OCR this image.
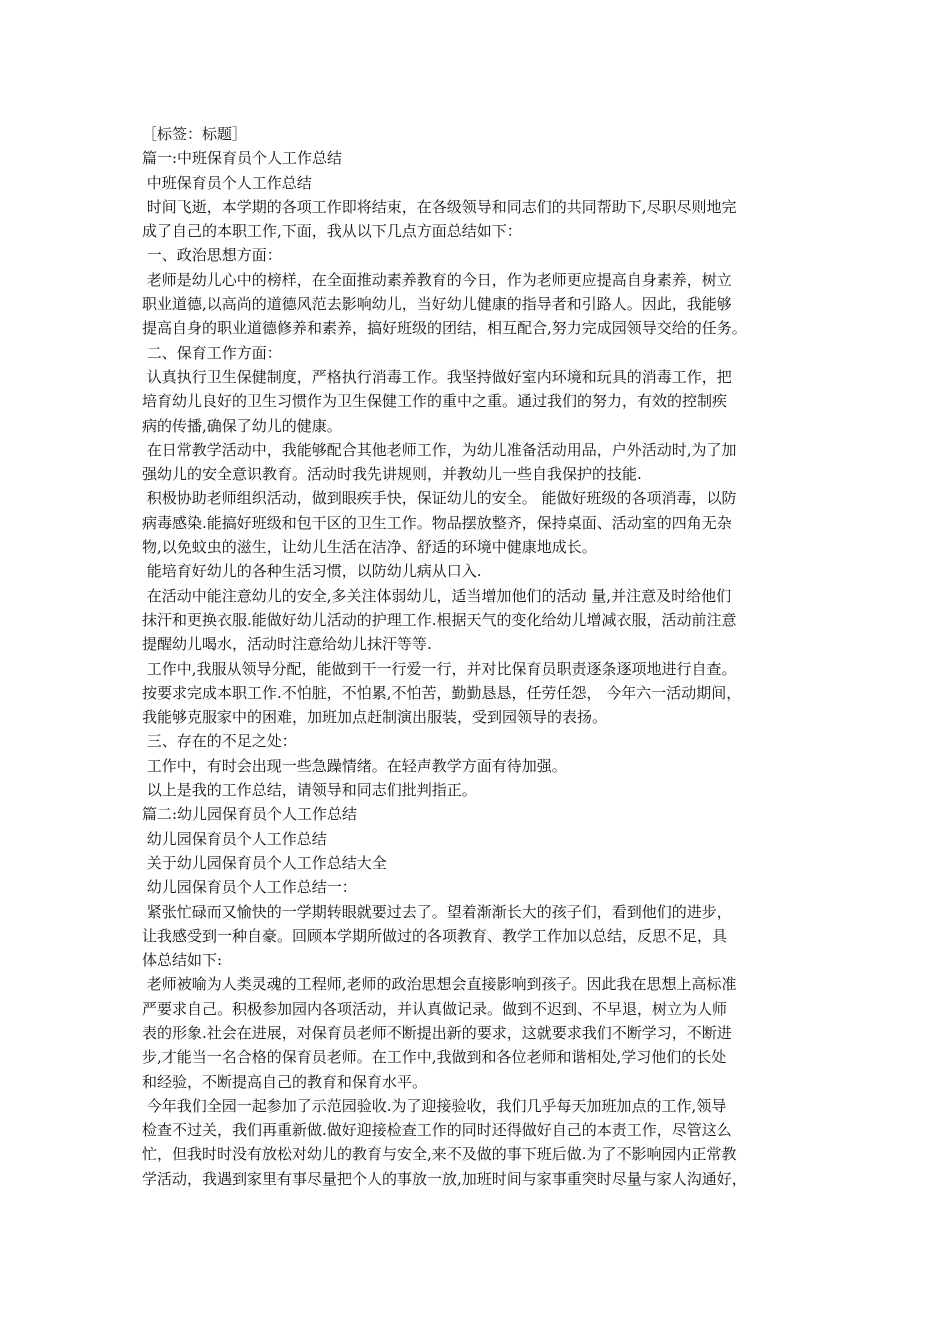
［标签：标题］
篇一:中班保育员个人工作总结
中班保育员个人工作总结
时间飞逝，本学期的各项工作即将结束，在各级领导和同志们的共同帮助下,尽职尽则地完
成了自己的本职工作,下面，我从以下几点方面总结如下：
一、政治思想方面：
老师是幼儿心中的榜样，在全面推动素养教育的今日，作为老师更应提高自身素养，树立
职业道德,以高尚的道德风范去影响幼儿，当好幼儿健康的指导者和引路人。因此，我能够
提高自身的职业道德修养和素养，搞好班级的团结，相互配合,努力完成园领导交给的任务。
二、保育工作方面：
认真执行卫生保健制度，严格执行消毒工作。我坚持做好室内环境和玩具的消毒工作，把
培育幼儿良好的卫生习惯作为卫生保健工作的重中之重。通过我们的努力，有效的控制疾
病的传播,确保了幼儿的健康。
在日常教学活动中，我能够配合其他老师工作，为幼儿准备活动用品，户外活动时,为了加
强幼儿的安全意识教育。活动时我先讲规则，并教幼儿一些自我保护的技能.
积极协助老师组织活动，做到眼疾手快，保证幼儿的安全。 能做好班级的各项消毒，以防
病毒感染.能搞好班级和包干区的卫生工作。物品摆放整齐，保持桌面、活动室的四角无杂
物,以免蚊虫的滋生，让幼儿生活在洁净、舒适的环境中健康地成长。
能培育好幼儿的各种生活习惯，以防幼儿病从口入.
在活动中能注意幼儿的安全,多关注体弱幼儿，适当增加他们的活动 量,并注意及时给他们
抹汗和更换衣服.能做好幼儿活动的护理工作.根据天气的变化给幼儿增减衣服，活动前注意
提醒幼儿喝水，活动时注意给幼儿抹汗等等.
工作中,我服从领导分配，能做到干一行爱一行，并对比保育员职责逐条逐项地进行自查。
按要求完成本职工作.不怕脏，不怕累,不怕苦，勤勤恳恳，任劳任怨， 今年六一活动期间，
我能够克服家中的困难，加班加点赶制演出服装，受到园领导的表扬。
三、存在的不足之处：
工作中，有时会出现一些急躁情绪。在轻声教学方面有待加强。
以上是我的工作总结，请领导和同志们批判指正。
篇二:幼儿园保育员个人工作总结
幼儿园保育员个人工作总结
关于幼儿园保育员个人工作总结大全
幼儿园保育员个人工作总结一：
紧张忙碌而又愉快的一学期转眼就要过去了。望着渐渐长大的孩子们，看到他们的进步，
让我感受到一种自豪。回顾本学期所做过的各项教育、教学工作加以总结，反思不足，具
体总结如下:
老师被喻为人类灵魂的工程师,老师的政治思想会直接影响到孩子。因此我在思想上高标准
严要求自己。积极参加园内各项活动，并认真做记录。做到不迟到、不早退，树立为人师
表的形象.社会在进展，对保育员老师不断提出新的要求，这就要求我们不断学习，不断进
步,才能当一名合格的保育员老师。在工作中,我做到和各位老师和谐相处,学习他们的长处
和经验，不断提高自己的教育和保育水平。
今年我们全园一起参加了示范园验收.为了迎接验收，我们几乎每天加班加点的工作,领导
检查不过关，我们再重新做.做好迎接检查工作的同时还得做好自己的本责工作，尽管这么
忙，但我时时没有放松对幼儿的教育与安全,来不及做的事下班后做.为了不影响园内正常教
学活动，我遇到家里有事尽量把个人的事放一放,加班时间与家事重突时尽量与家人沟通好，
